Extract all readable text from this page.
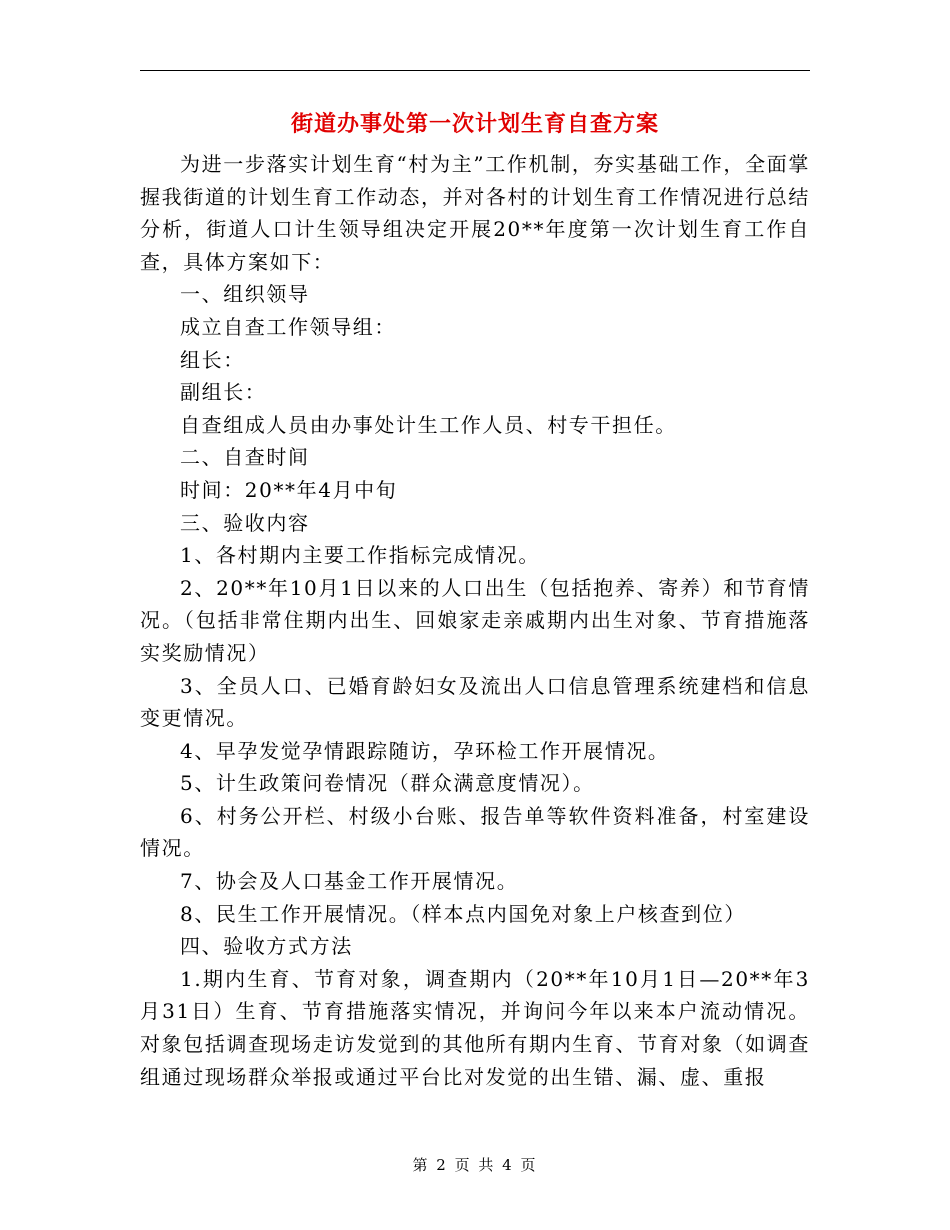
街道办事处第一次计划生育自查方案

为进一步落实计划生育“村为主”工作机制，夯实基础工作，全面掌握我街道的计划生育工作动态，并对各村的计划生育工作情况进行总结分析，街道人口计生领导组决定开展20**年度第一次计划生育工作自查，具体方案如下：

一、组织领导

成立自查工作领导组：

组长：

副组长：

自查组成人员由办事处计生工作人员、村专干担任。

二、自查时间

时间：20**年4月中旬

三、验收内容

1、各村期内主要工作指标完成情况。

2、20**年10月1日以来的人口出生（包括抱养、寄养）和节育情况。（包括非常住期内出生、回娘家走亲戚期内出生对象、节育措施落实奖励情况）

3、全员人口、已婚育龄妇女及流出人口信息管理系统建档和信息变更情况。

4、早孕发觉孕情跟踪随访，孕环检工作开展情况。

5、计生政策问卷情况（群众满意度情况）。

6、村务公开栏、村级小台账、报告单等软件资料准备，村室建设情况。

7、协会及人口基金工作开展情况。

8、民生工作开展情况。（样本点内国免对象上户核查到位）

四、验收方式方法

1.期内生育、节育对象，调查期内（20**年10月1日—20**年3月31日）生育、节育措施落实情况，并询问今年以来本户流动情况。对象包括调查现场走访发觉到的其他所有期内生育、节育对象（如调查组通过现场群众举报或通过平台比对发觉的出生错、漏、虚、重报

第 2 页 共 4 页
